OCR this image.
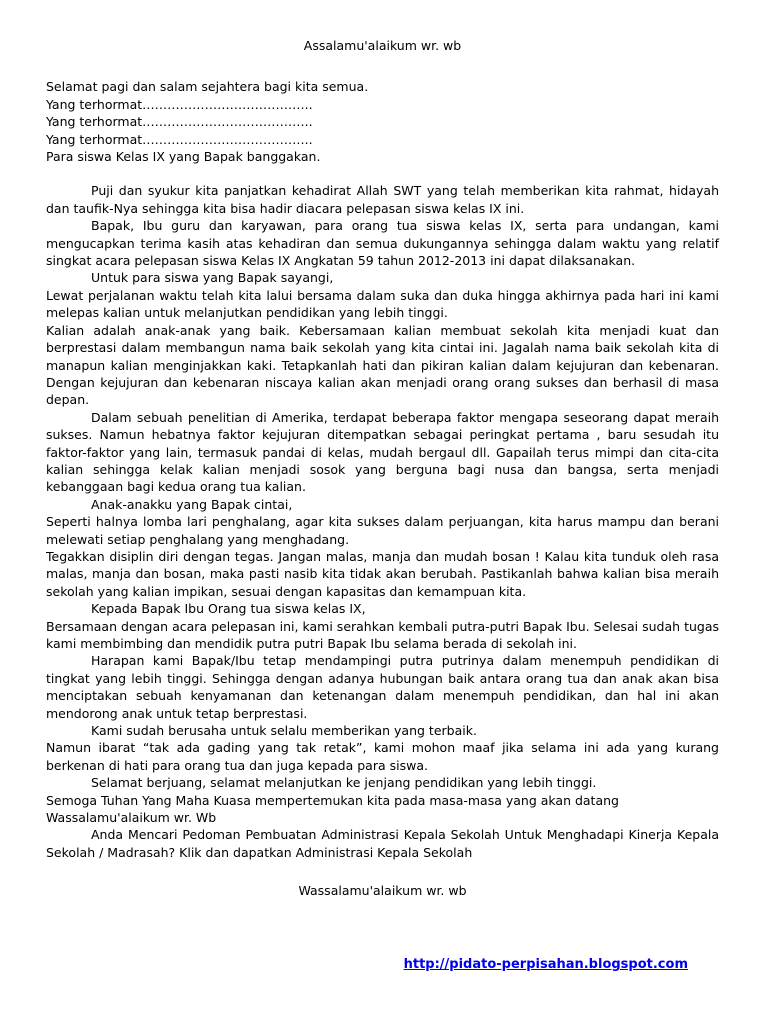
Assalamu'alaikum wr. wb

Selamat pagi dan salam sejahtera bagi kita semua.

Yang terhormat…………………………………..

Yang terhormat…………………………………..

Yang terhormat…………………………………..

Para siswa Kelas IX yang Bapak banggakan.

Puji dan syukur kita panjatkan kehadirat Allah SWT yang telah memberikan kita rahmat, hidayah dan taufik-Nya sehingga kita bisa hadir diacara pelepasan siswa kelas IX ini.

Bapak, Ibu guru dan karyawan, para orang tua siswa kelas IX, serta para undangan, kami mengucapkan terima kasih atas kehadiran dan semua dukungannya sehingga dalam waktu yang relatif singkat acara pelepasan siswa Kelas IX Angkatan 59 tahun 2012-2013 ini dapat dilaksanakan.

Untuk para siswa yang Bapak sayangi,

Lewat perjalanan waktu telah kita lalui bersama dalam suka dan duka hingga akhirnya pada hari ini kami melepas kalian untuk melanjutkan pendidikan yang lebih tinggi.

Kalian adalah anak-anak yang baik. Kebersamaan kalian membuat sekolah kita menjadi kuat dan berprestasi dalam membangun nama baik sekolah yang kita cintai ini. Jagalah nama baik sekolah kita di manapun kalian menginjakkan kaki. Tetapkanlah hati dan pikiran kalian dalam kejujuran dan kebenaran. Dengan kejujuran dan kebenaran niscaya kalian akan menjadi orang orang sukses dan berhasil di masa depan.

Dalam sebuah penelitian di Amerika, terdapat beberapa faktor mengapa seseorang dapat meraih sukses. Namun hebatnya faktor kejujuran ditempatkan sebagai peringkat pertama , baru sesudah itu faktor-faktor yang lain, termasuk pandai di kelas, mudah bergaul dll. Gapailah terus mimpi dan cita-cita kalian sehingga kelak kalian menjadi sosok yang berguna bagi nusa dan bangsa, serta menjadi kebanggaan bagi kedua orang tua kalian.

Anak-anakku yang Bapak cintai,

Seperti halnya lomba lari penghalang, agar kita sukses dalam perjuangan, kita harus mampu dan berani melewati setiap penghalang yang menghadang.

Tegakkan disiplin diri dengan tegas. Jangan malas, manja dan mudah bosan ! Kalau kita tunduk oleh rasa malas, manja dan bosan, maka pasti nasib kita tidak akan berubah. Pastikanlah bahwa kalian bisa meraih sekolah yang kalian impikan, sesuai dengan kapasitas dan kemampuan kita.

Kepada Bapak Ibu Orang tua siswa kelas IX,

Bersamaan dengan acara pelepasan ini, kami serahkan kembali putra-putri Bapak Ibu. Selesai sudah tugas kami membimbing dan mendidik putra putri Bapak Ibu selama berada di sekolah ini.

Harapan kami Bapak/Ibu tetap mendampingi putra putrinya dalam menempuh pendidikan di tingkat yang lebih tinggi. Sehingga dengan adanya hubungan baik antara orang tua dan anak akan bisa menciptakan sebuah kenyamanan dan ketenangan dalam menempuh pendidikan, dan hal ini akan mendorong anak untuk tetap berprestasi.

Kami sudah berusaha untuk selalu memberikan yang terbaik.

Namun ibarat “tak ada gading yang tak retak”, kami mohon maaf jika selama ini ada yang kurang berkenan di hati para orang tua dan juga kepada para siswa.

Selamat berjuang, selamat melanjutkan ke jenjang pendidikan yang lebih tinggi.

Semoga Tuhan Yang Maha Kuasa mempertemukan kita pada masa-masa yang akan datang

Wassalamu'alaikum wr. Wb

Anda Mencari Pedoman Pembuatan Administrasi Kepala Sekolah Untuk Menghadapi Kinerja Kepala Sekolah / Madrasah? Klik dan dapatkan Administrasi Kepala Sekolah

Wassalamu'alaikum wr. wb

http://pidato-perpisahan.blogspot.com
